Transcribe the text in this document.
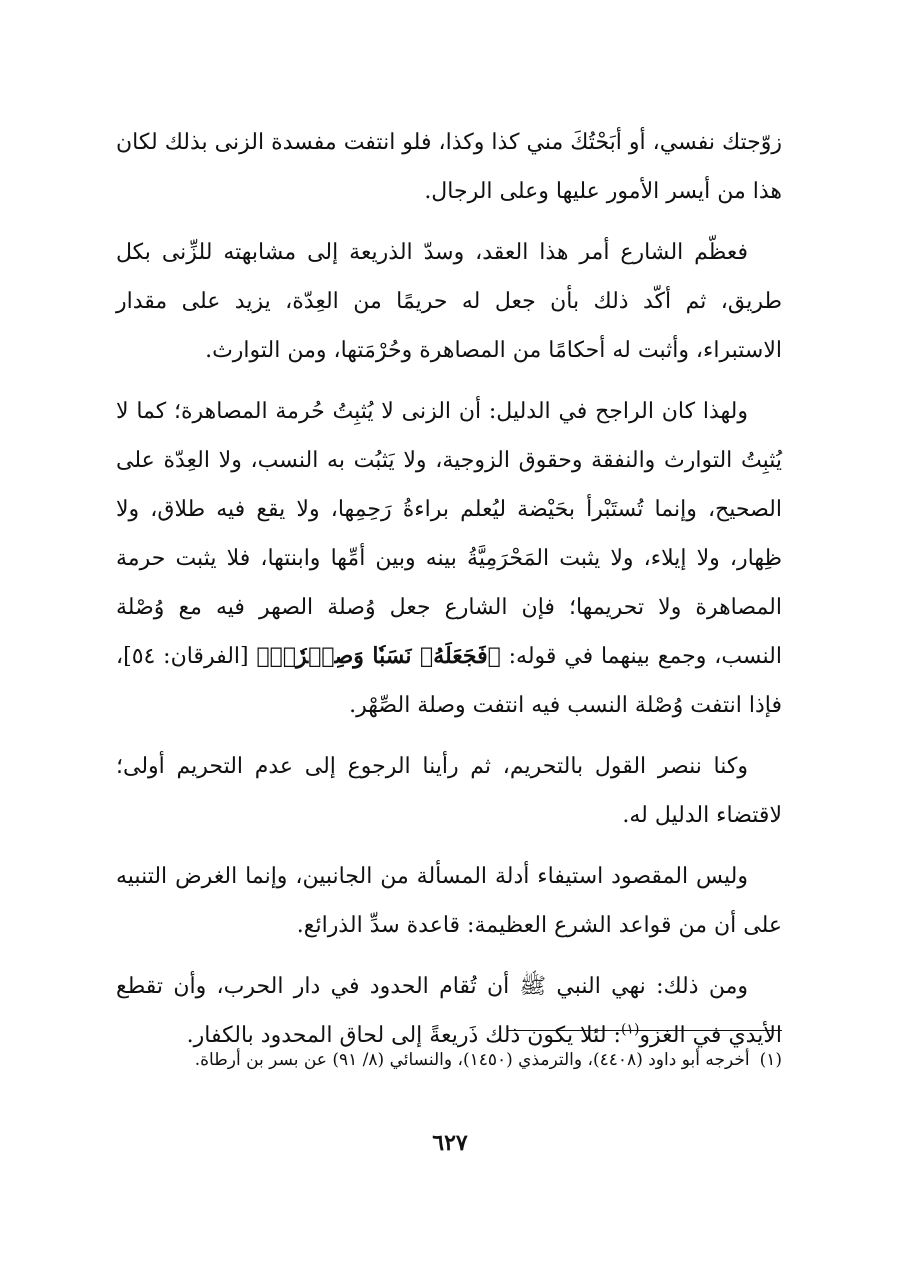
زوّجتك نفسي، أو أبَحْتُكَ مني كذا وكذا، فلو انتفت مفسدة الزنى بذلك لكان هذا من أيسر الأمور عليها وعلى الرجال.

فعظّم الشارع أمر هذا العقد، وسدّ الذريعة إلى مشابهته للزِّنى بكل طريق، ثم أكّد ذلك بأن جعل له حريمًا من العِدّة، يزيد على مقدار الاستبراء، وأثبت له أحكامًا من المصاهرة وحُرْمَتها، ومن التوارث.

ولهذا كان الراجح في الدليل: أن الزنى لا يُثبِتُ حُرمة المصاهرة؛ كما لا يُثبِتُ التوارث والنفقة وحقوق الزوجية، ولا يَثبُت به النسب، ولا العِدّة على الصحيح، وإنما تُستَبْرأ بحَيْضة ليُعلم براءةُ رَحِمِها، ولا يقع فيه طلاق، ولا ظِهار، ولا إيلاء، ولا يثبت المَحْرَمِيَّةُ بينه وبين أمِّها وابنتها، فلا يثبت حرمة المصاهرة ولا تحريمها؛ فإن الشارع جعل وُصلة الصهر فيه مع وُصْلة النسب، وجمع بينهما في قوله: ﴿فَجَعَلَهُۥ نَسَبٗا وَصِهۡرٗاۗ﴾ [الفرقان: ٥٤]، فإذا انتفت وُصْلة النسب فيه انتفت وصلة الصِّهْر.

وكنا ننصر القول بالتحريم، ثم رأينا الرجوع إلى عدم التحريم أولى؛ لاقتضاء الدليل له.

وليس المقصود استيفاء أدلة المسألة من الجانبين، وإنما الغرض التنبيه على أن من قواعد الشرع العظيمة: قاعدة سدِّ الذرائع.

ومن ذلك: نهي النبي ﷺ أن تُقام الحدود في دار الحرب، وأن تقطع الأيدي في الغزو$^{(١)}$: لئلا يكون ذلك ذَريعةً إلى لحاق المحدود بالكفار.

(١)أخرجه أبو داود (٤٤٠٨)، والترمذي (١٤٥٠)، والنسائي (٨/ ٩١) عن بسر بن أرطاة.

٦٢٧
